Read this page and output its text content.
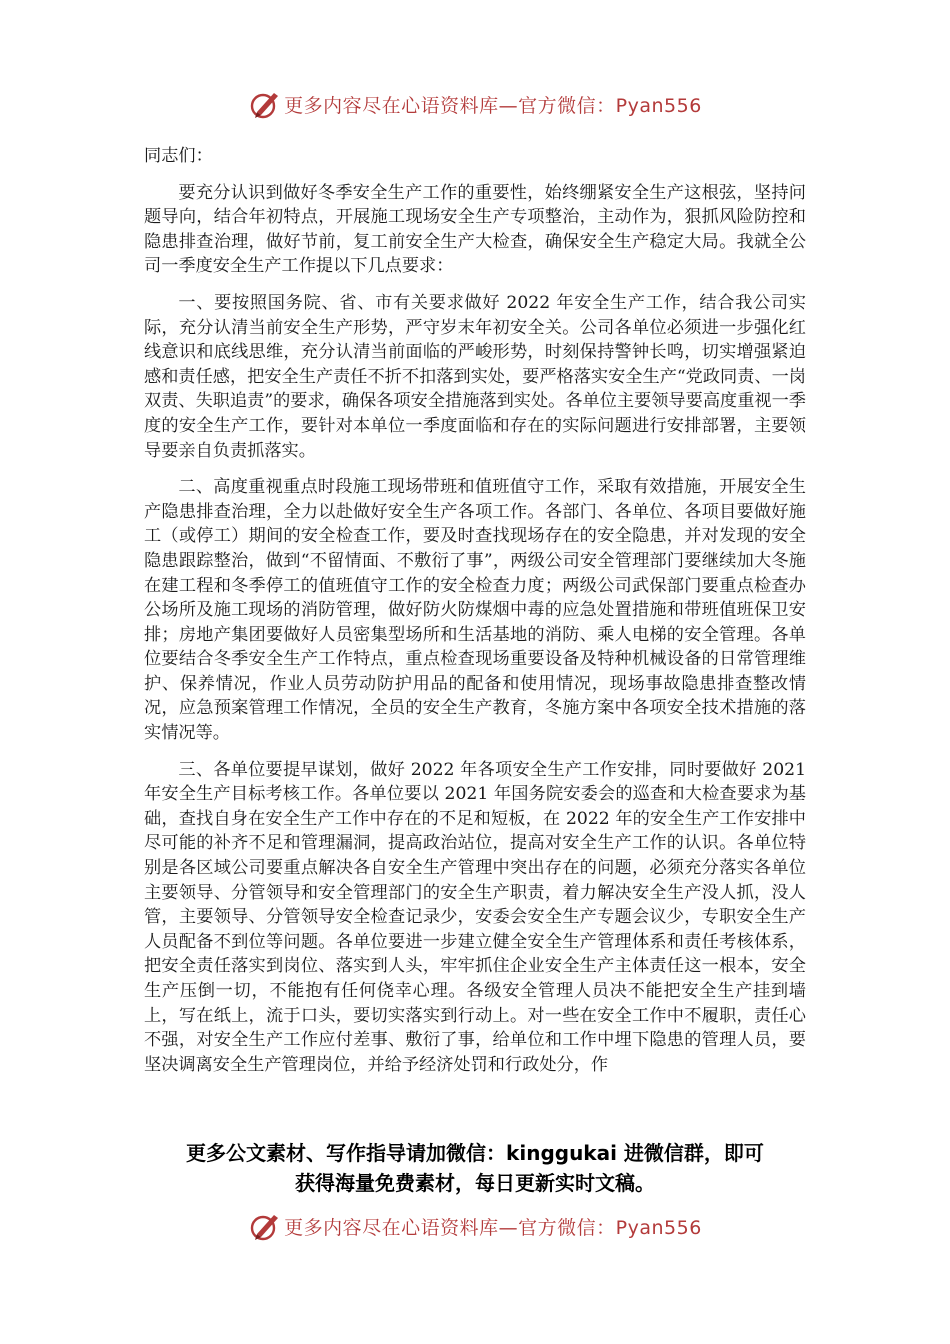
更多内容尽在心语资料库—官方微信：Pyan556

同志们：

要充分认识到做好冬季安全生产工作的重要性，始终绷紧安全生产这根弦，坚持问题导向，结合年初特点，开展施工现场安全生产专项整治，主动作为，狠抓风险防控和隐患排查治理，做好节前，复工前安全生产大检查，确保安全生产稳定大局。我就全公司一季度安全生产工作提以下几点要求：

一、要按照国务院、省、市有关要求做好 2022 年安全生产工作，结合我公司实际，充分认清当前安全生产形势，严守岁末年初安全关。公司各单位必须进一步强化红线意识和底线思维，充分认清当前面临的严峻形势，时刻保持警钟长鸣，切实增强紧迫感和责任感，把安全生产责任不折不扣落到实处，要严格落实安全生产“党政同责、一岗双责、失职追责”的要求，确保各项安全措施落到实处。各单位主要领导要高度重视一季度的安全生产工作，要针对本单位一季度面临和存在的实际问题进行安排部署，主要领导要亲自负责抓落实。

二、高度重视重点时段施工现场带班和值班值守工作，采取有效措施，开展安全生产隐患排查治理，全力以赴做好安全生产各项工作。各部门、各单位、各项目要做好施工（或停工）期间的安全检查工作，要及时查找现场存在的安全隐患，并对发现的安全隐患跟踪整治，做到“不留情面、不敷衍了事”，两级公司安全管理部门要继续加大冬施在建工程和冬季停工的值班值守工作的安全检查力度；两级公司武保部门要重点检查办公场所及施工现场的消防管理，做好防火防煤烟中毒的应急处置措施和带班值班保卫安排；房地产集团要做好人员密集型场所和生活基地的消防、乘人电梯的安全管理。各单位要结合冬季安全生产工作特点，重点检查现场重要设备及特种机械设备的日常管理维护、保养情况，作业人员劳动防护用品的配备和使用情况，现场事故隐患排查整改情况，应急预案管理工作情况，全员的安全生产教育，冬施方案中各项安全技术措施的落实情况等。

三、各单位要提早谋划，做好 2022 年各项安全生产工作安排，同时要做好 2021 年安全生产目标考核工作。各单位要以 2021 年国务院安委会的巡查和大检查要求为基础，查找自身在安全生产工作中存在的不足和短板，在 2022 年的安全生产工作安排中尽可能的补齐不足和管理漏洞，提高政治站位，提高对安全生产工作的认识。各单位特别是各区域公司要重点解决各自安全生产管理中突出存在的问题，必须充分落实各单位主要领导、分管领导和安全管理部门的安全生产职责，着力解决安全生产没人抓，没人管，主要领导、分管领导安全检查记录少，安委会安全生产专题会议少，专职安全生产人员配备不到位等问题。各单位要进一步建立健全安全生产管理体系和责任考核体系，把安全责任落实到岗位、落实到人头，牢牢抓住企业安全生产主体责任这一根本，安全生产压倒一切，不能抱有任何侥幸心理。各级安全管理人员决不能把安全生产挂到墙上，写在纸上，流于口头，要切实落实到行动上。对一些在安全工作中不履职，责任心不强，对安全生产工作应付差事、敷衍了事，给单位和工作中埋下隐患的管理人员，要坚决调离安全生产管理岗位，并给予经济处罚和行政处分，作

更多公文素材、写作指导请加微信：kinggukai 进微信群，即可
获得海量免费素材，每日更新实时文稿。
更多内容尽在心语资料库—官方微信：Pyan556
